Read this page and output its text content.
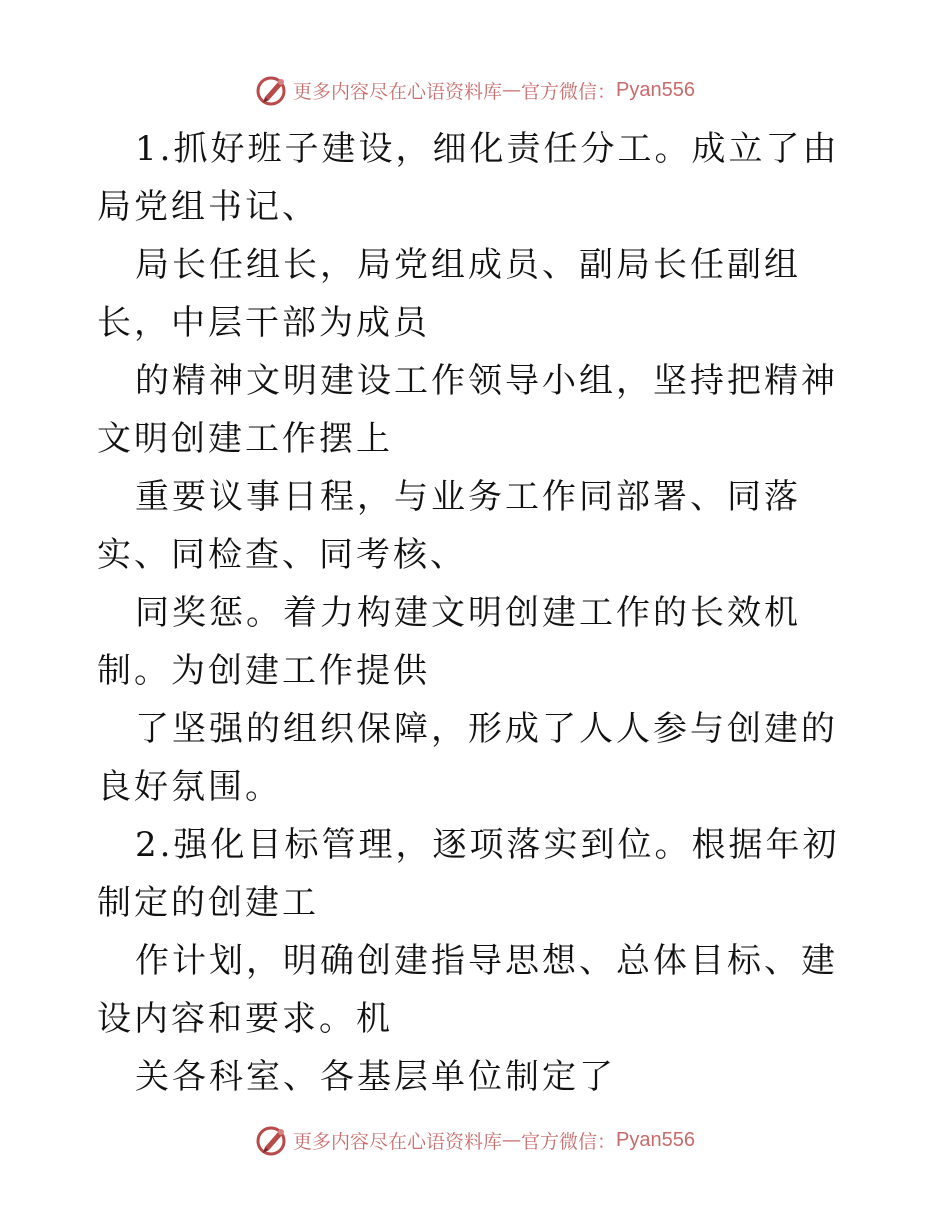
更多内容尽在心语资料库 — 官方微信： Pyan556

1.抓好班子建设，细化责任分工。成立了由局党组书记、

局长任组长，局党组成员、副局长任副组长，中层干部为成员

的精神文明建设工作领导小组，坚持把精神文明创建工作摆上

重要议事日程，与业务工作同部署、同落实、同检查、同考核、

同奖惩。着力构建文明创建工作的长效机制。为创建工作提供

了坚强的组织保障，形成了人人参与创建的良好氛围。

2.强化目标管理，逐项落实到位。根据年初制定的创建工

作计划，明确创建指导思想、总体目标、建设内容和要求。机

关各科室、各基层单位制定了

更多内容尽在心语资料库 — 官方微信： Pyan556
